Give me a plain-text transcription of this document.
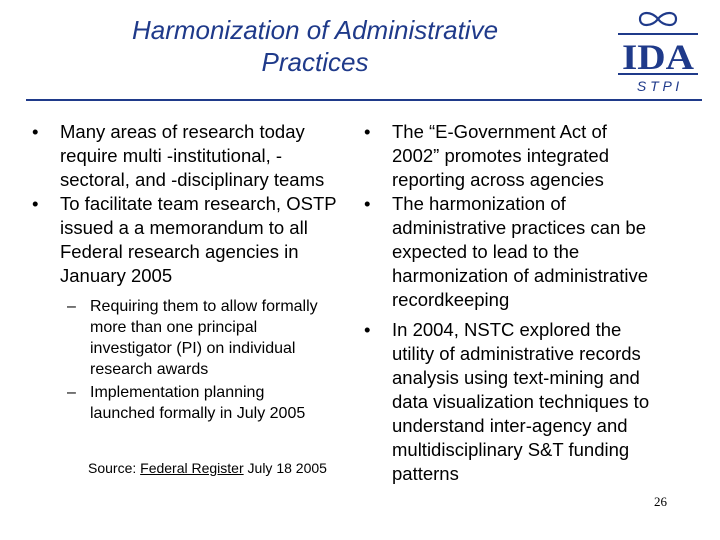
Harmonization of Administrative
Practices	IDA
S T P I
• Many areas of research today
require multi -institutional, -
sectoral, and -disciplinary teams
• To facilitate team research, OSTP
issued a a memorandum to all
Federal research agencies in
January 2005
– Requiring them to allow formally
more than one principal
investigator (PI) on individual
research awards
– Implementation planning
launched formally in July 2005
Source: Federal Register July 18 2005
• The “E-Government Act of
2002” promotes integrated
reporting across agencies
• The harmonization of
administrative practices can be
expected to lead to the
harmonization of administrative
recordkeeping
• In 2004, NSTC explored the
utility of administrative records
analysis using text-mining and
data visualization techniques to
understand inter-agency and
multidisciplinary S&T funding
patterns
26
